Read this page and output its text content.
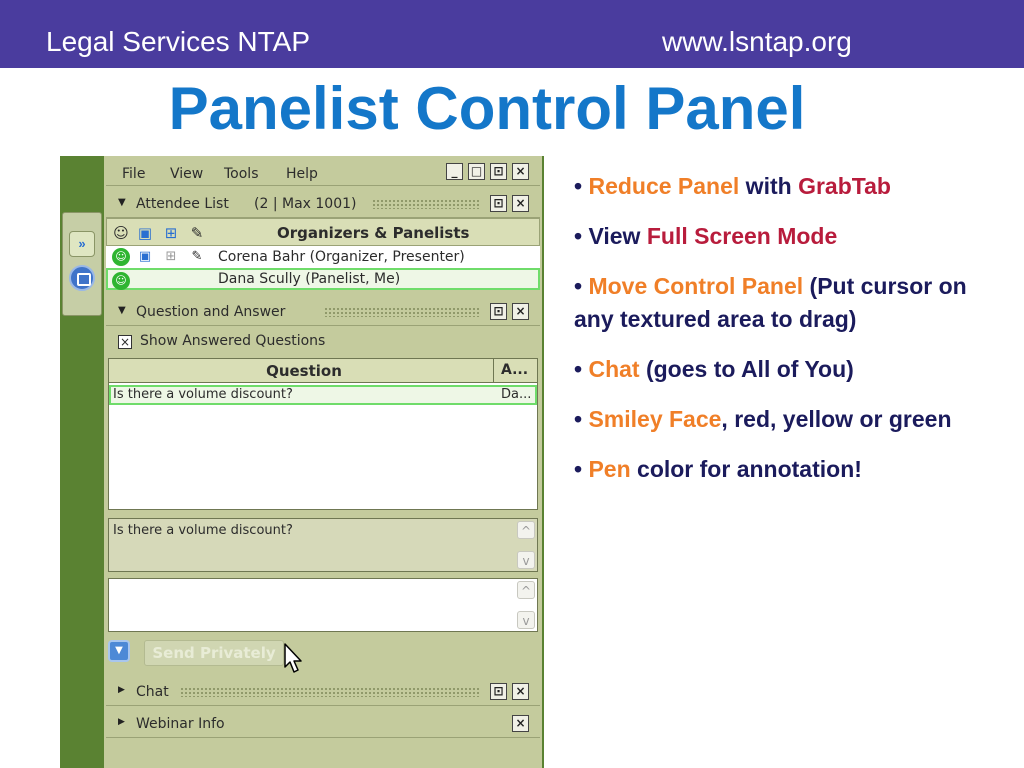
Legal Services NTAP	www.lsntap.org
Panelist Control Panel
»
File View Tools Help	_	□ ⊡ ×
▼ Attendee List (2 | Max 1001)	⊡ ×
☺ ▣ ⊞ ✎	Organizers & Panelists
☺ ▣ ⊞ ✎ Corena Bahr (Organizer, Presenter)
☺	Dana Scully (Panelist, Me)
▼ Question and Answer	⊡ ×
× Show Answered Questions
Question	A...
Is there a volume discount?	Da...
Is there a volume discount?	^
v
^
v
▼	Send Privately
▶ Chat	⊡ ×
▶ Webinar Info	×
• Reduce Panel with GrabTab
• View Full Screen Mode
• Move Control Panel (Put cursor on any textured area to drag)
• Chat (goes to All of You)
• Smiley Face, red, yellow or green
• Pen color for annotation!
